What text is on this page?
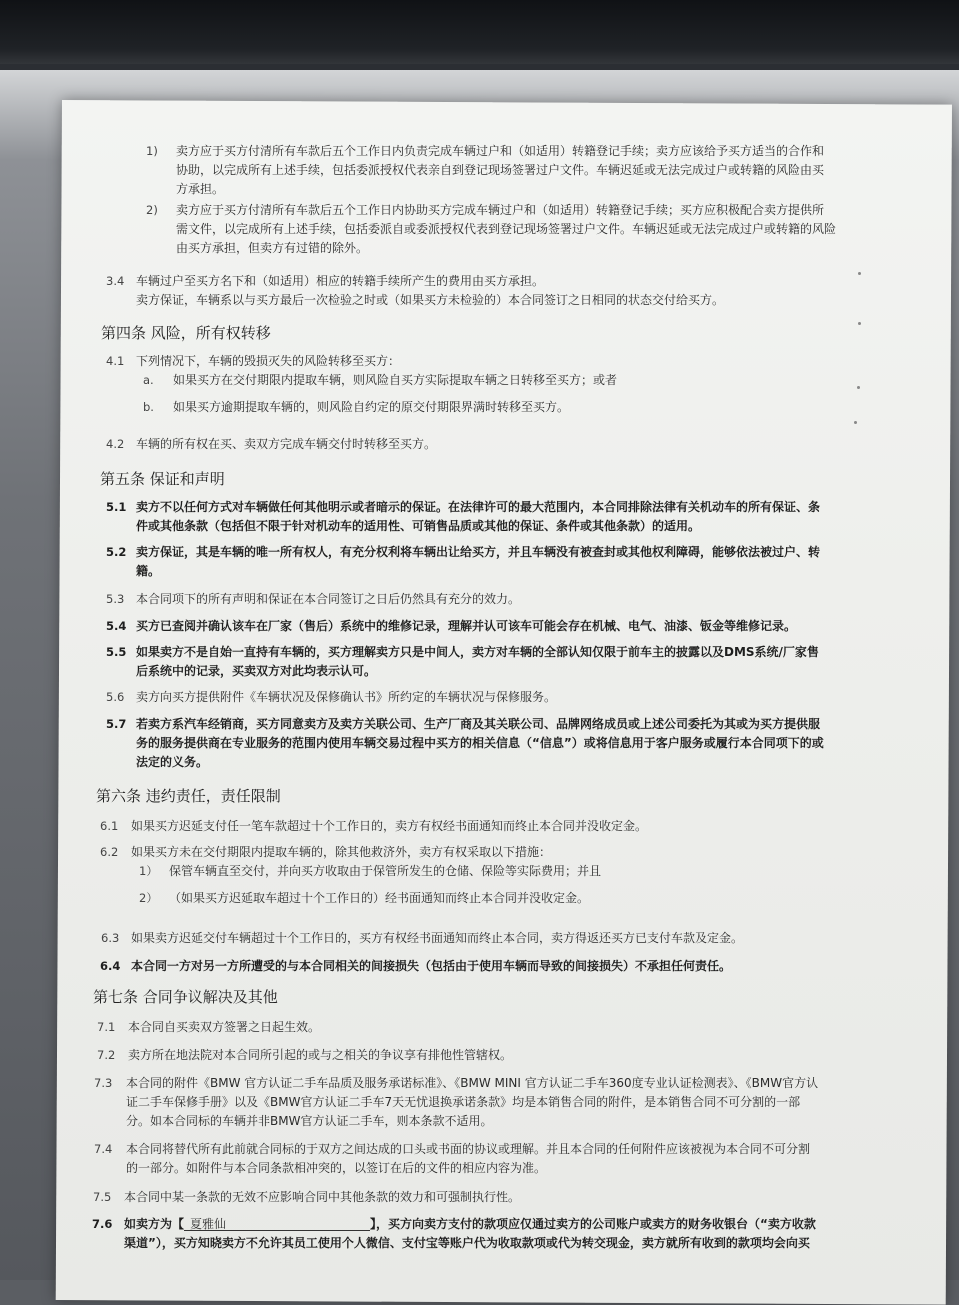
1) 卖方应于买方付清所有车款后五个工作日内负责完成车辆过户和（如适用）转籍登记手续；卖方应该给予买方适当的合作和
协助，以完成所有上述手续，包括委派授权代表亲自到登记现场签署过户文件。车辆迟延或无法完成过户或转籍的风险由买
方承担。
2) 卖方应于买方付清所有车款后五个工作日内协助买方完成车辆过户和（如适用）转籍登记手续；买方应积极配合卖方提供所
需文件，以完成所有上述手续，包括委派自或委派授权代表到登记现场签署过户文件。车辆迟延或无法完成过户或转籍的风险
由买方承担，但卖方有过错的除外。
3.4 车辆过户至买方名下和（如适用）相应的转籍手续所产生的费用由买方承担。
卖方保证，车辆系以与买方最后一次检验之时或（如果买方未检验的）本合同签订之日相同的状态交付给买方。
第四条 风险，所有权转移
4.1 下列情况下，车辆的毁损灭失的风险转移至买方：
a. 如果买方在交付期限内提取车辆，则风险自买方实际提取车辆之日转移至买方；或者
b. 如果买方逾期提取车辆的，则风险自约定的原交付期限界满时转移至买方。
4.2 车辆的所有权在买、卖双方完成车辆交付时转移至买方。
第五条 保证和声明
5.1 卖方不以任何方式对车辆做任何其他明示或者暗示的保证。在法律许可的最大范围内，本合同排除法律有关机动车的所有保证、条
件或其他条款（包括但不限于针对机动车的适用性、可销售品质或其他的保证、条件或其他条款）的适用。
5.2 卖方保证，其是车辆的唯一所有权人，有充分权利将车辆出让给买方，并且车辆没有被查封或其他权利障碍，能够依法被过户、转
籍。
5.3 本合同项下的所有声明和保证在本合同签订之日后仍然具有充分的效力。
5.4 买方已查阅并确认该车在厂家（售后）系统中的维修记录，理解并认可该车可能会存在机械、电气、油漆、钣金等维修记录。
5.5 如果卖方不是自始一直持有车辆的，买方理解卖方只是中间人，卖方对车辆的全部认知仅限于前车主的披露以及DMS系统/厂家售
后系统中的记录，买卖双方对此均表示认可。
5.6 卖方向买方提供附件《车辆状况及保修确认书》所约定的车辆状况与保修服务。
5.7 若卖方系汽车经销商，买方同意卖方及卖方关联公司、生产厂商及其关联公司、品牌网络成员或上述公司委托为其或为买方提供服
务的服务提供商在专业服务的范围内使用车辆交易过程中买方的相关信息（“信息”）或将信息用于客户服务或履行本合同项下的或
法定的义务。
第六条 违约责任，责任限制
6.1 如果买方迟延支付任一笔车款超过十个工作日的，卖方有权经书面通知而终止本合同并没收定金。
6.2 如果买方未在交付期限内提取车辆的，除其他救济外，卖方有权采取以下措施：
1） 保管车辆直至交付，并向买方收取由于保管所发生的仓储、保险等实际费用；并且
2） （如果买方迟延取车超过十个工作日的）经书面通知而终止本合同并没收定金。
6.3 如果卖方迟延交付车辆超过十个工作日的，买方有权经书面通知而终止本合同，卖方得返还买方已支付车款及定金。
6.4 本合同一方对另一方所遭受的与本合同相关的间接损失（包括由于使用车辆而导致的间接损失）不承担任何责任。
第七条 合同争议解决及其他
7.1 本合同自买卖双方签署之日起生效。
7.2 卖方所在地法院对本合同所引起的或与之相关的争议享有排他性管辖权。
7.3 本合同的附件《BMW 官方认证二手车品质及服务承诺标准》、《BMW MINI 官方认证二手车360度专业认证检测表》、《BMW官方认
证二手车保修手册》以及《BMW官方认证二手车7天无忧退换承诺条款》均是本销售合同的附件，是本销售合同不可分割的一部
分。如本合同标的车辆并非BMW官方认证二手车，则本条款不适用。
7.4 本合同将替代所有此前就合同标的于双方之间达成的口头或书面的协议或理解。并且本合同的任何附件应该被视为本合同不可分割
的一部分。如附件与本合同条款相冲突的，以签订在后的文件的相应内容为准。
7.5 本合同中某一条款的无效不应影响合同中其他条款的效力和可强制执行性。
7.6 如卖方为【 夏雅仙	】，买方向卖方支付的款项应仅通过卖方的公司账户或卖方的财务收银台（“卖方收款
渠道”），买方知晓卖方不允许其员工使用个人微信、支付宝等账户代为收取款项或代为转交现金，卖方就所有收到的款项均会向买
